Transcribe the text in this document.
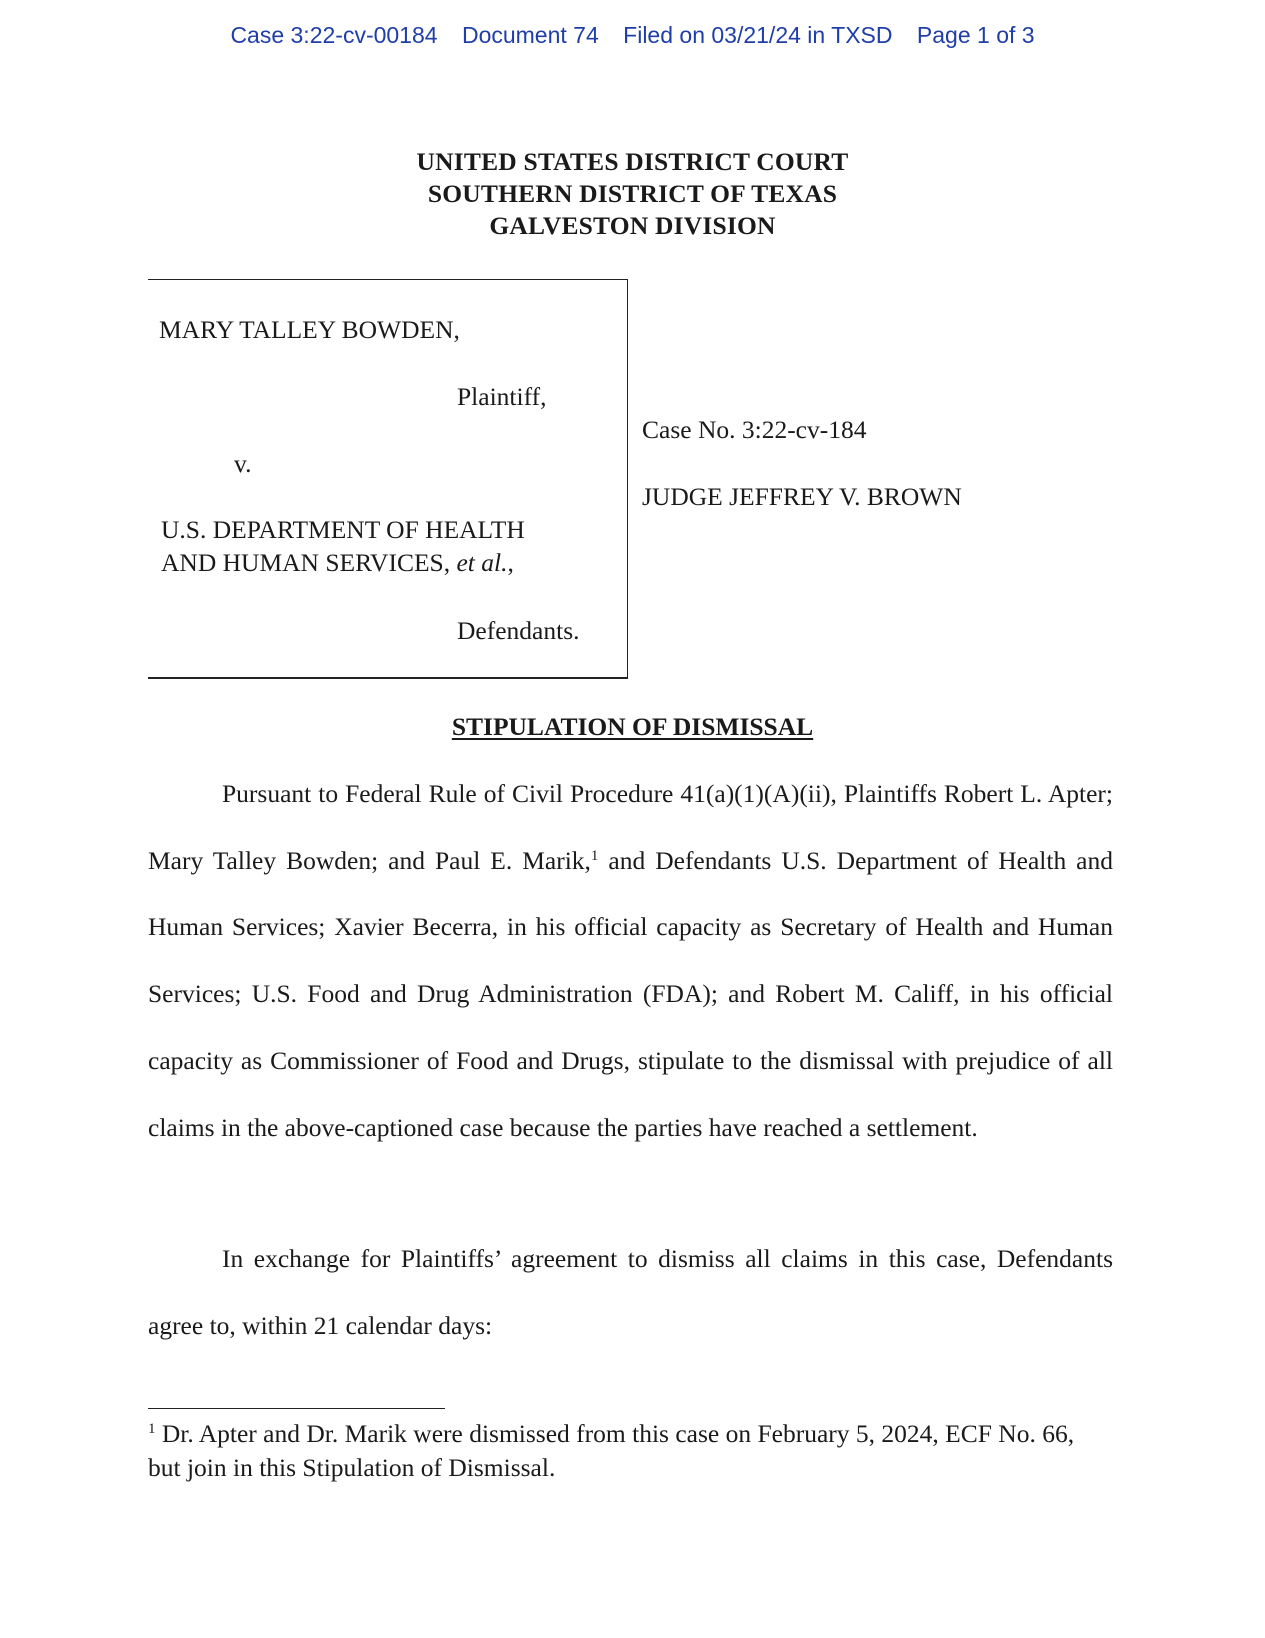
Case 3:22-cv-00184 Document 74 Filed on 03/21/24 in TXSD Page 1 of 3
UNITED STATES DISTRICT COURT
SOUTHERN DISTRICT OF TEXAS
GALVESTON DIVISION
MARY TALLEY BOWDEN,
Plaintiff,
v.
U.S. DEPARTMENT OF HEALTH
AND HUMAN SERVICES, et al.,
Defendants.
Case No. 3:22-cv-184
JUDGE JEFFREY V. BROWN
STIPULATION OF DISMISSAL
Pursuant to Federal Rule of Civil Procedure 41(a)(1)(A)(ii), Plaintiffs Robert L. Apter; Mary Talley Bowden; and Paul E. Marik,$^1$ and Defendants U.S. Department of Health and Human Services; Xavier Becerra, in his official capacity as Secretary of Health and Human Services; U.S. Food and Drug Administration (FDA); and Robert M. Califf, in his official capacity as Commissioner of Food and Drugs, stipulate to the dismissal with prejudice of all claims in the above-captioned case because the parties have reached a settlement.
In exchange for Plaintiffs’ agreement to dismiss all claims in this case, Defendants agree to, within 21 calendar days:
$^1$ Dr. Apter and Dr. Marik were dismissed from this case on February 5, 2024, ECF No. 66, but join in this Stipulation of Dismissal.
